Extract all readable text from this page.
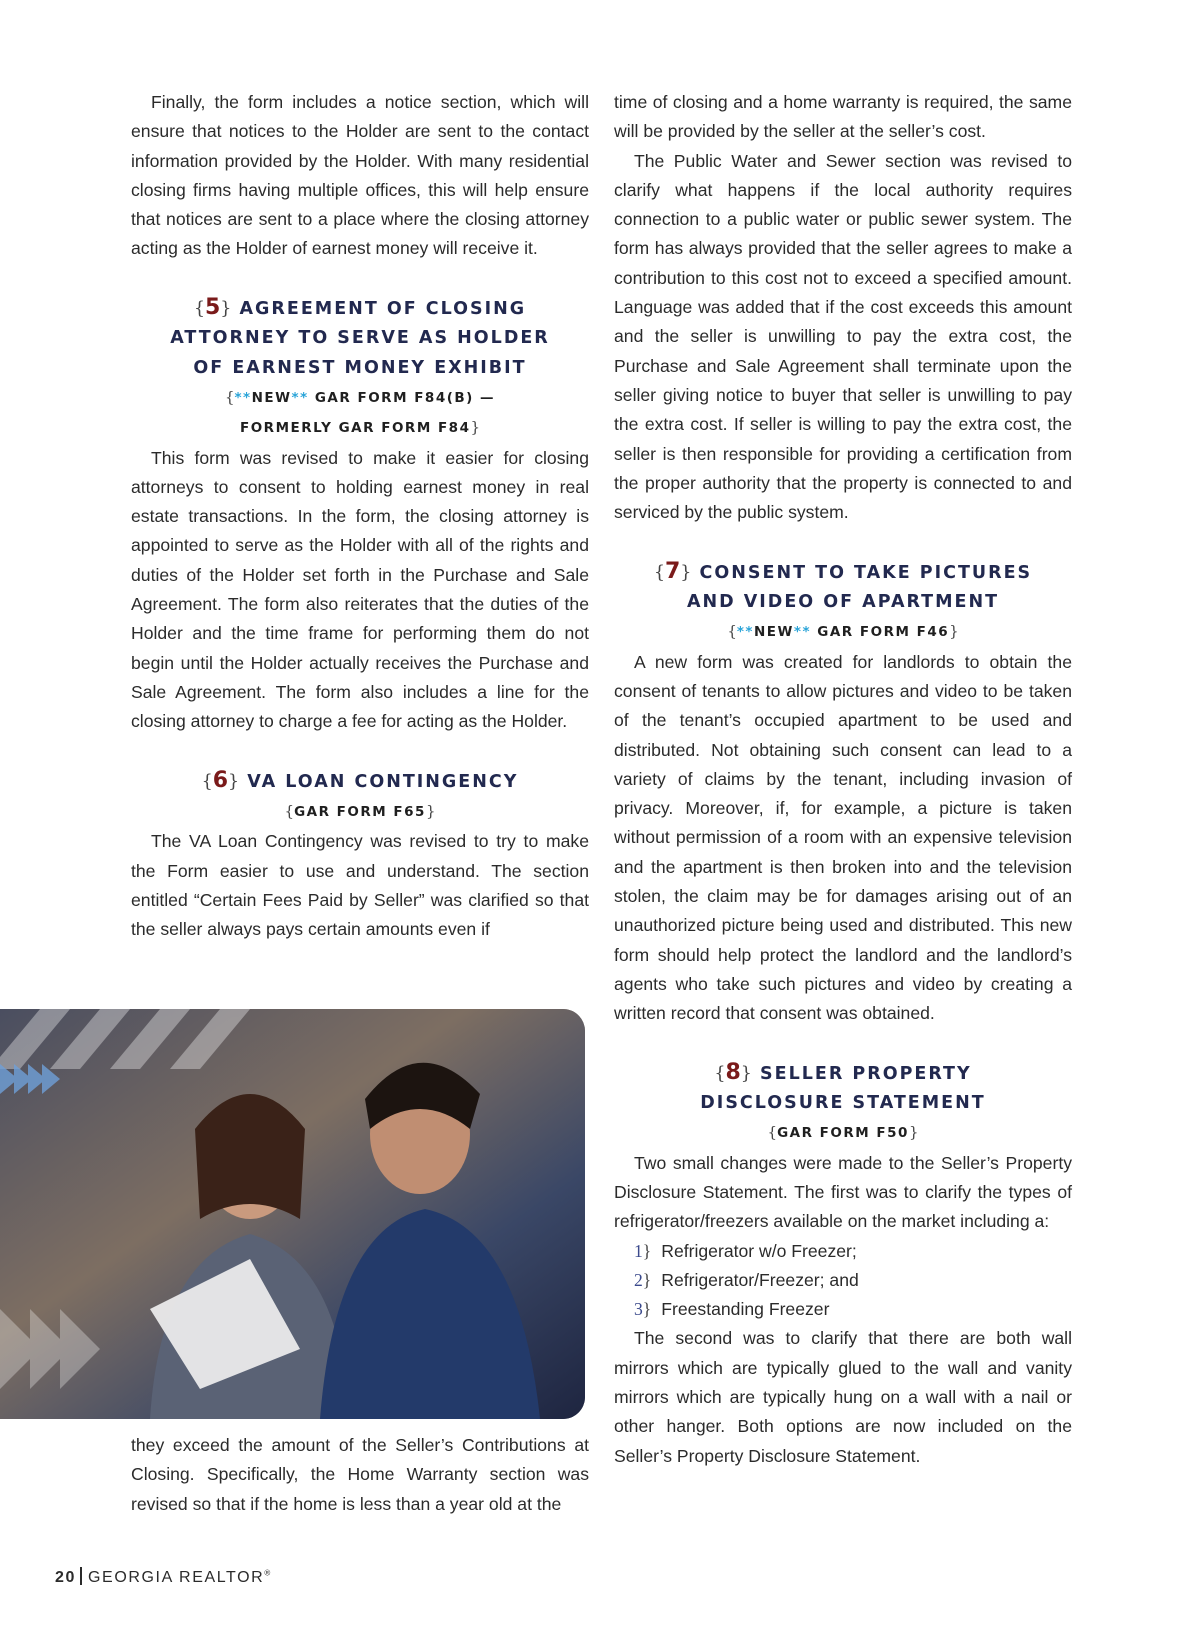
Finally, the form includes a notice section, which will ensure that notices to the Holder are sent to the contact information provided by the Holder. With many residential closing firms having multiple offices, this will help ensure that notices are sent to a place where the closing attorney acting as the Holder of earnest money will receive it.

{5} AGREEMENT OF CLOSING
ATTORNEY TO SERVE AS HOLDER
OF EARNEST MONEY EXHIBIT
{**NEW** GAR FORM F84(B) —
FORMERLY GAR FORM F84}

This form was revised to make it easier for closing attorneys to consent to holding earnest money in real estate transactions. In the form, the closing attorney is appointed to serve as the Holder with all of the rights and duties of the Holder set forth in the Purchase and Sale Agreement. The form also reiterates that the duties of the Holder and the time frame for performing them do not begin until the Holder actually receives the Purchase and Sale Agreement. The form also includes a line for the closing attorney to charge a fee for acting as the Holder.

{6} VA LOAN CONTINGENCY
{GAR FORM F65}

The VA Loan Contingency was revised to try to make the Form easier to use and understand. The section entitled “Certain Fees Paid by Seller” was clarified so that the seller always pays certain amounts even if

they exceed the amount of the Seller’s Contributions at Closing. Specifically, the Home Warranty section was revised so that if the home is less than a year old at the

time of closing and a home warranty is required, the same will be provided by the seller at the seller’s cost.

The Public Water and Sewer section was revised to clarify what happens if the local authority requires connection to a public water or public sewer system. The form has always provided that the seller agrees to make a contribution to this cost not to exceed a specified amount. Language was added that if the cost exceeds this amount and the seller is unwilling to pay the extra cost, the Purchase and Sale Agreement shall terminate upon the seller giving notice to buyer that seller is unwilling to pay the extra cost. If seller is willing to pay the extra cost, the seller is then responsible for providing a certification from the proper authority that the property is connected to and serviced by the public system.

{7} CONSENT TO TAKE PICTURES
AND VIDEO OF APARTMENT
{**NEW** GAR FORM F46}

A new form was created for landlords to obtain the consent of tenants to allow pictures and video to be taken of the tenant’s occupied apartment to be used and distributed. Not obtaining such consent can lead to a variety of claims by the tenant, including invasion of privacy. Moreover, if, for example, a picture is taken without permission of a room with an expensive television and the apartment is then broken into and the television stolen, the claim may be for damages arising out of an unauthorized picture being used and distributed. This new form should help protect the landlord and the landlord’s agents who take such pictures and video by creating a written record that consent was obtained.

{8} SELLER PROPERTY
DISCLOSURE STATEMENT
{GAR FORM F50}

Two small changes were made to the Seller’s Property Disclosure Statement. The first was to clarify the types of refrigerator/freezers available on the market including a:

1} Refrigerator w/o Freezer;
2} Refrigerator/Freezer; and
3} Freestanding Freezer

The second was to clarify that there are both wall mirrors which are typically glued to the wall and vanity mirrors which are typically hung on a wall with a nail or other hanger. Both options are now included on the Seller’s Property Disclosure Statement.

20 GEORGIA REALTOR®
